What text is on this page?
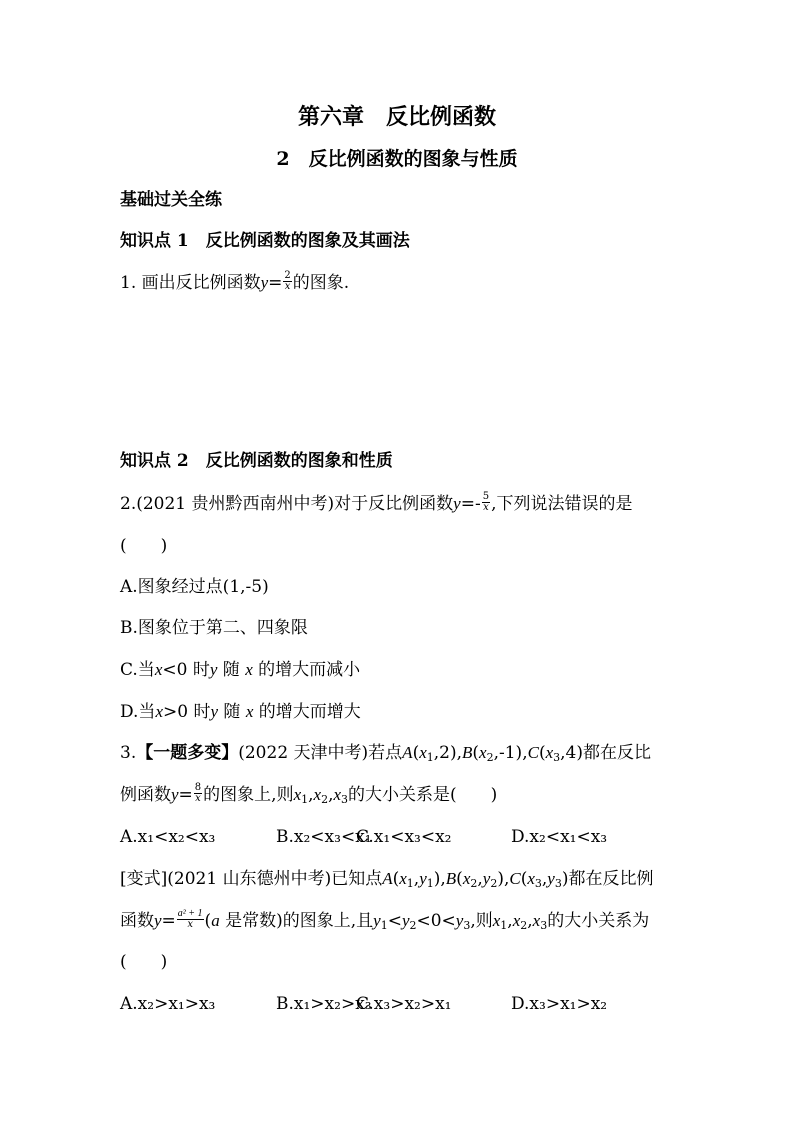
第六章　反比例函数
2　反比例函数的图象与性质
基础过关全练
知识点 1　反比例函数的图象及其画法
1. 画出反比例函数$y= \frac{2}{x}$ 的图象.
知识点 2　反比例函数的图象和性质
2.(2021 贵州黔西南州中考)对于反比例函数$y=- \frac{5}{x}$ ,下列说法错误的是
(　　)
A.图象经过点(1,-5)
B.图象位于第二、四象限
C.当x<0 时y 随 x 的增大而减小
D.当x>0 时y 随 x 的增大而增大
3.【一题多变】(2022 天津中考)若点$A(x_1,2),B(x_2,-1),C(x_3,4)$都在反比
例函数$y= \frac{8}{x}$ 的图象上,则$x_1,x_2,x_3$的大小关系是(　　)
A.x₁<x₂<x₃	B.x₂<x₃<x₁
C.x₁<x₃<x₂	D.x₂<x₁<x₃
[变式](2021 山东德州中考)已知点$A(x_1,y_1),B(x_2,y_2),C(x_3,y_3)$都在反比例
函数$y= \frac{\text{a² + 1}}{x} (a$ 是常数)的图象上,且$y_1<y_2<0<y_3$,则$x_1,x_2,x_3$的大小关系为
(　　)
A.x₂>x₁>x₃	B.x₁>x₂>x₃
C.x₃>x₂>x₁	D.x₃>x₁>x₂
